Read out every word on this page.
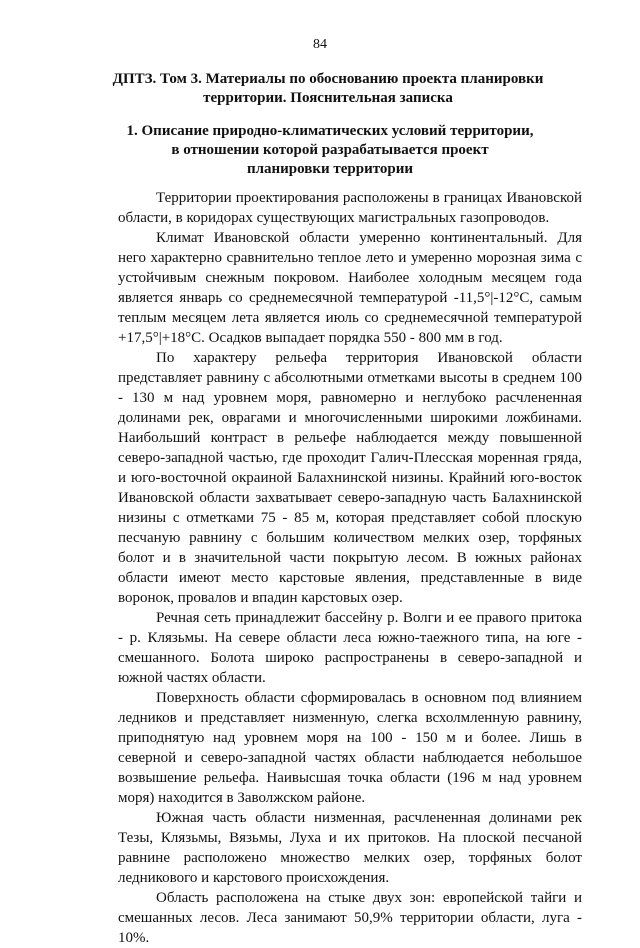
84
ДПТЗ. Том 3. Материалы по обоснованию проекта планировки территории. Пояснительная записка
1. Описание природно-климатических условий территории,
в отношении которой разрабатывается проект
планировки территории

Территории проектирования расположены в границах Ивановской области, в коридорах существующих магистральных газопроводов.

Климат Ивановской области умеренно континентальный. Для него характерно сравнительно теплое лето и умеренно морозная зима с устойчивым снежным покровом. Наиболее холодным месяцем года является январь со среднемесячной температурой -11,5°|-12°С, самым теплым месяцем лета является июль со среднемесячной температурой +17,5°|+18°С. Осадков выпадает порядка 550 - 800 мм в год.

По характеру рельефа территория Ивановской области представляет равнину с абсолютными отметками высоты в среднем 100 - 130 м над уровнем моря, равномерно и неглубоко расчлененная долинами рек, оврагами и многочисленными широкими ложбинами. Наибольший контраст в рельефе наблюдается между повышенной северо-западной частью, где проходит Галич-Плесская моренная гряда, и юго-восточной окраиной Балахнинской низины. Крайний юго-восток Ивановской области захватывает северо-западную часть Балахнинской низины с отметками 75 - 85 м, которая представляет собой плоскую песчаную равнину с большим количеством мелких озер, торфяных болот и в значительной части покрытую лесом. В южных районах области имеют место карстовые явления, представленные в виде воронок, провалов и впадин карстовых озер.

Речная сеть принадлежит бассейну р. Волги и ее правого притока - р. Клязьмы. На севере области леса южно-таежного типа, на юге - смешанного. Болота широко распространены в северо-западной и южной частях области.

Поверхность области сформировалась в основном под влиянием ледников и представляет низменную, слегка всхолмленную равнину, приподнятую над уровнем моря на 100 - 150 м и более. Лишь в северной и северо-западной частях области наблюдается небольшое возвышение рельефа. Наивысшая точка области (196 м над уровнем моря) находится в Заволжском районе.

Южная часть области низменная, расчлененная долинами рек Тезы, Клязьмы, Вязьмы, Луха и их притоков. На плоской песчаной равнине расположено множество мелких озер, торфяных болот ледникового и карстового происхождения.

Область расположена на стыке двух зон: европейской тайги и смешанных лесов. Леса занимают 50,9% территории области, луга - 10%.
